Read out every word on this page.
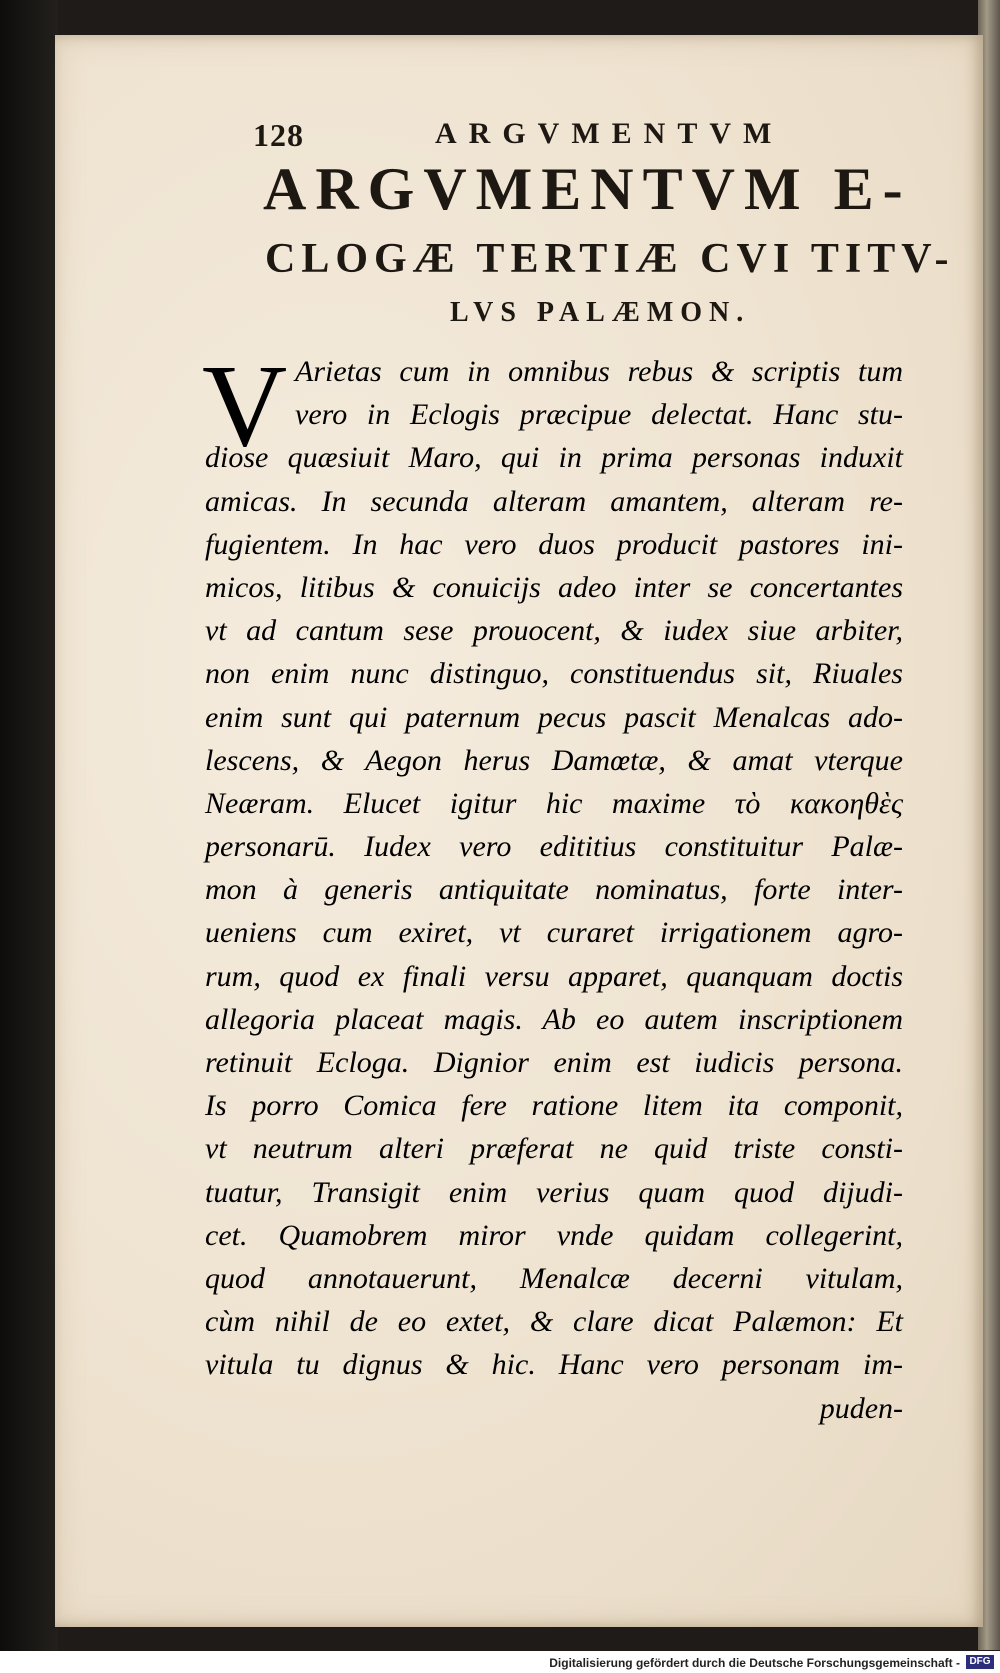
128	ARGVMENTVM
ARGVMENTVM E-
CLOGÆ TERTIÆ CVI TITV-
LVS PALÆMON.
V Arietas cum in omnibus rebus & scriptis tum
vero in Eclogis præcipue delectat. Hanc stu-
diose quæsiuit Maro, qui in prima personas induxit
amicas. In secunda alteram amantem, alteram re-
fugientem. In hac vero duos producit pastores ini-
micos, litibus & conuicijs adeo inter se concertantes
vt ad cantum sese prouocent, & iudex siue arbiter,
non enim nunc distinguo, constituendus sit, Riuales
enim sunt qui paternum pecus pascit Menalcas ado-
lescens, & Aegon herus Damœtæ, & amat vterque
Neæram. Elucet igitur hic maxime τὸ κακοηθὲς
personarū. Iudex vero edititius constituitur Palæ-
mon à generis antiquitate nominatus, forte inter-
ueniens cum exiret, vt curaret irrigationem agro-
rum, quod ex finali versu apparet, quanquam doctis
allegoria placeat magis. Ab eo autem inscriptionem
retinuit Ecloga. Dignior enim est iudicis persona.
Is porro Comica fere ratione litem ita componit,
vt neutrum alteri præferat ne quid triste consti-
tuatur, Transigit enim verius quam quod dijudi-
cet. Quamobrem miror vnde quidam collegerint,
quod annotauerunt, Menalcæ decerni vitulam,
cùm nihil de eo extet, & clare dicat Palæmon: Et
vitula tu dignus & hic. Hanc vero personam im-
puden-
Digitalisierung gefördert durch die Deutsche Forschungsgemeinschaft - DFG
